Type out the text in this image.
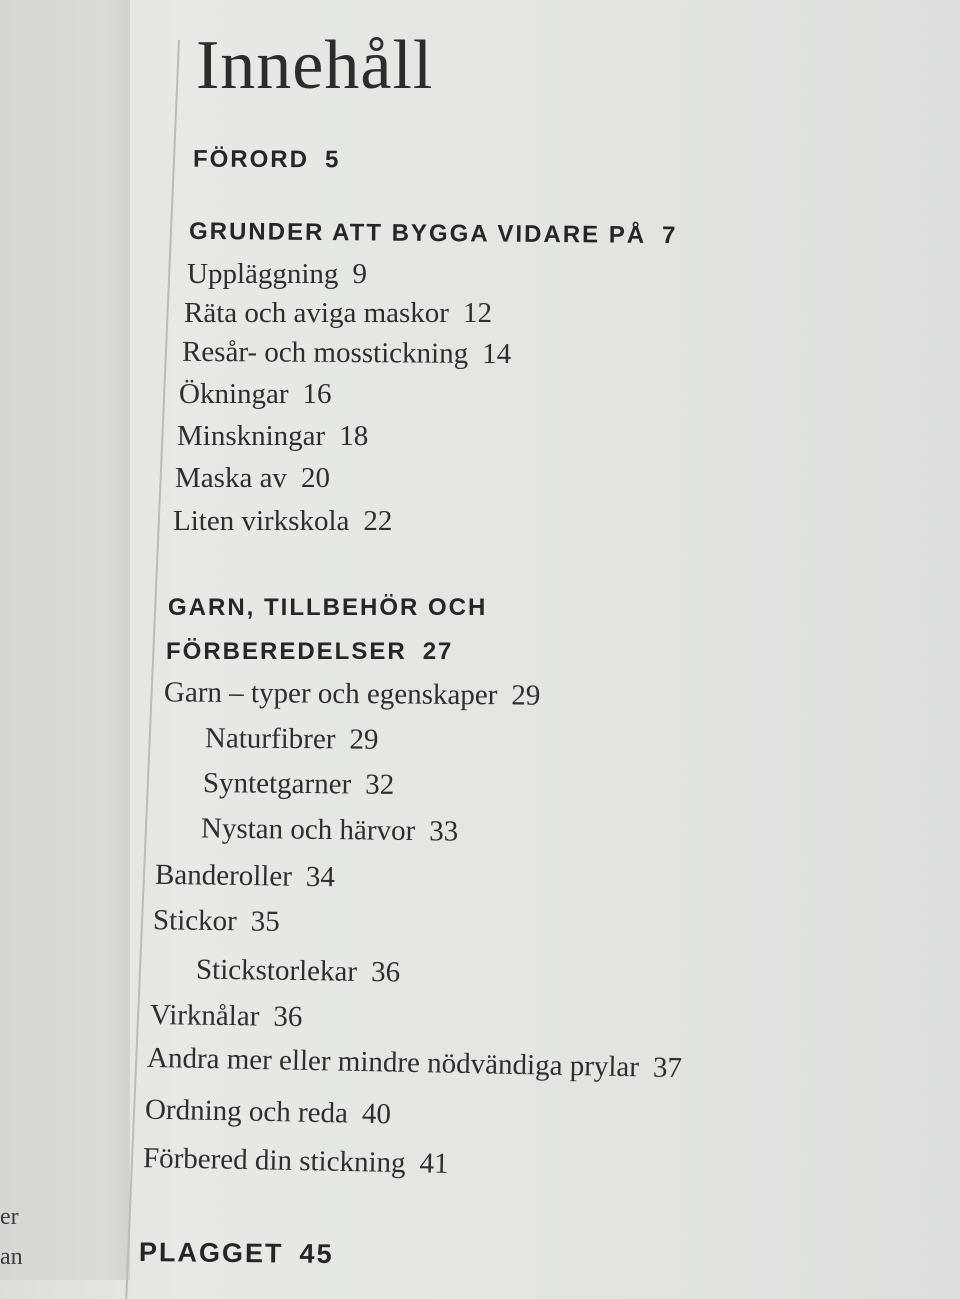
Innehåll
FÖRORD 5
GRUNDER ATT BYGGA VIDARE PÅ 7
Uppläggning 9
Räta och aviga maskor 12
Resår- och mosstickning 14
Ökningar 16
Minskningar 18
Maska av 20
Liten virkskola 22
GARN, TILLBEHÖR OCH
FÖRBEREDELSER 27
Garn – typer och egenskaper 29
Naturfibrer 29
Syntetgarner 32
Nystan och härvor 33
Banderoller 34
Stickor 35
Stickstorlekar 36
Virknålar 36
Andra mer eller mindre nödvändiga prylar 37
Ordning och reda 40
Förbered din stickning 41
PLAGGET 45
er
an
